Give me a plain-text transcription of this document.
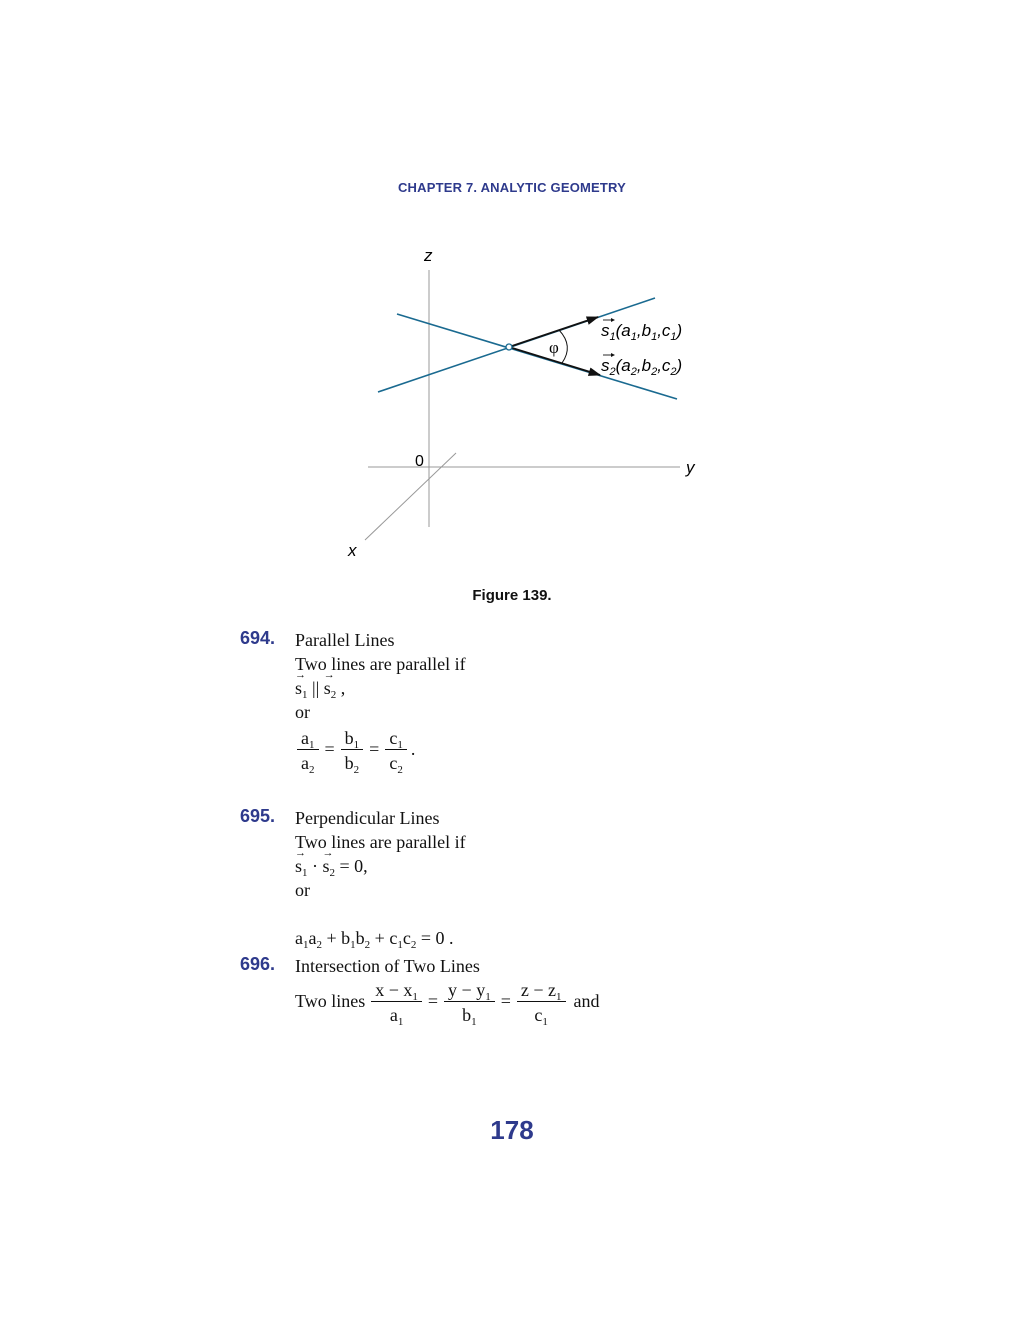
CHAPTER 7. ANALYTIC GEOMETRY
z
y
x
0
φ
$s_1(a_1,b_1,c_1)$
$s_2(a_2,b_2,c_2)$
Figure 139.
694. Parallel Lines
Two lines are parallel if
→ $s_1$ || → $s_2$ ,
or
$\frac{a_1}{a_2} = \frac{b_1}{b_2} = \frac{c_1}{c_2}$ .
695. Perpendicular Lines
Two lines are parallel if
→ $s_1$ · → $s_2 = 0$,
or

$a_1a_2 + b_1b_2 + c_1c_2 = 0$ .
696. Intersection of Two Lines
Two lines $\frac{x - x_1}{a_1} = \frac{y - y_1}{b_1} = \frac{z - z_1}{c_1}$ and
178
